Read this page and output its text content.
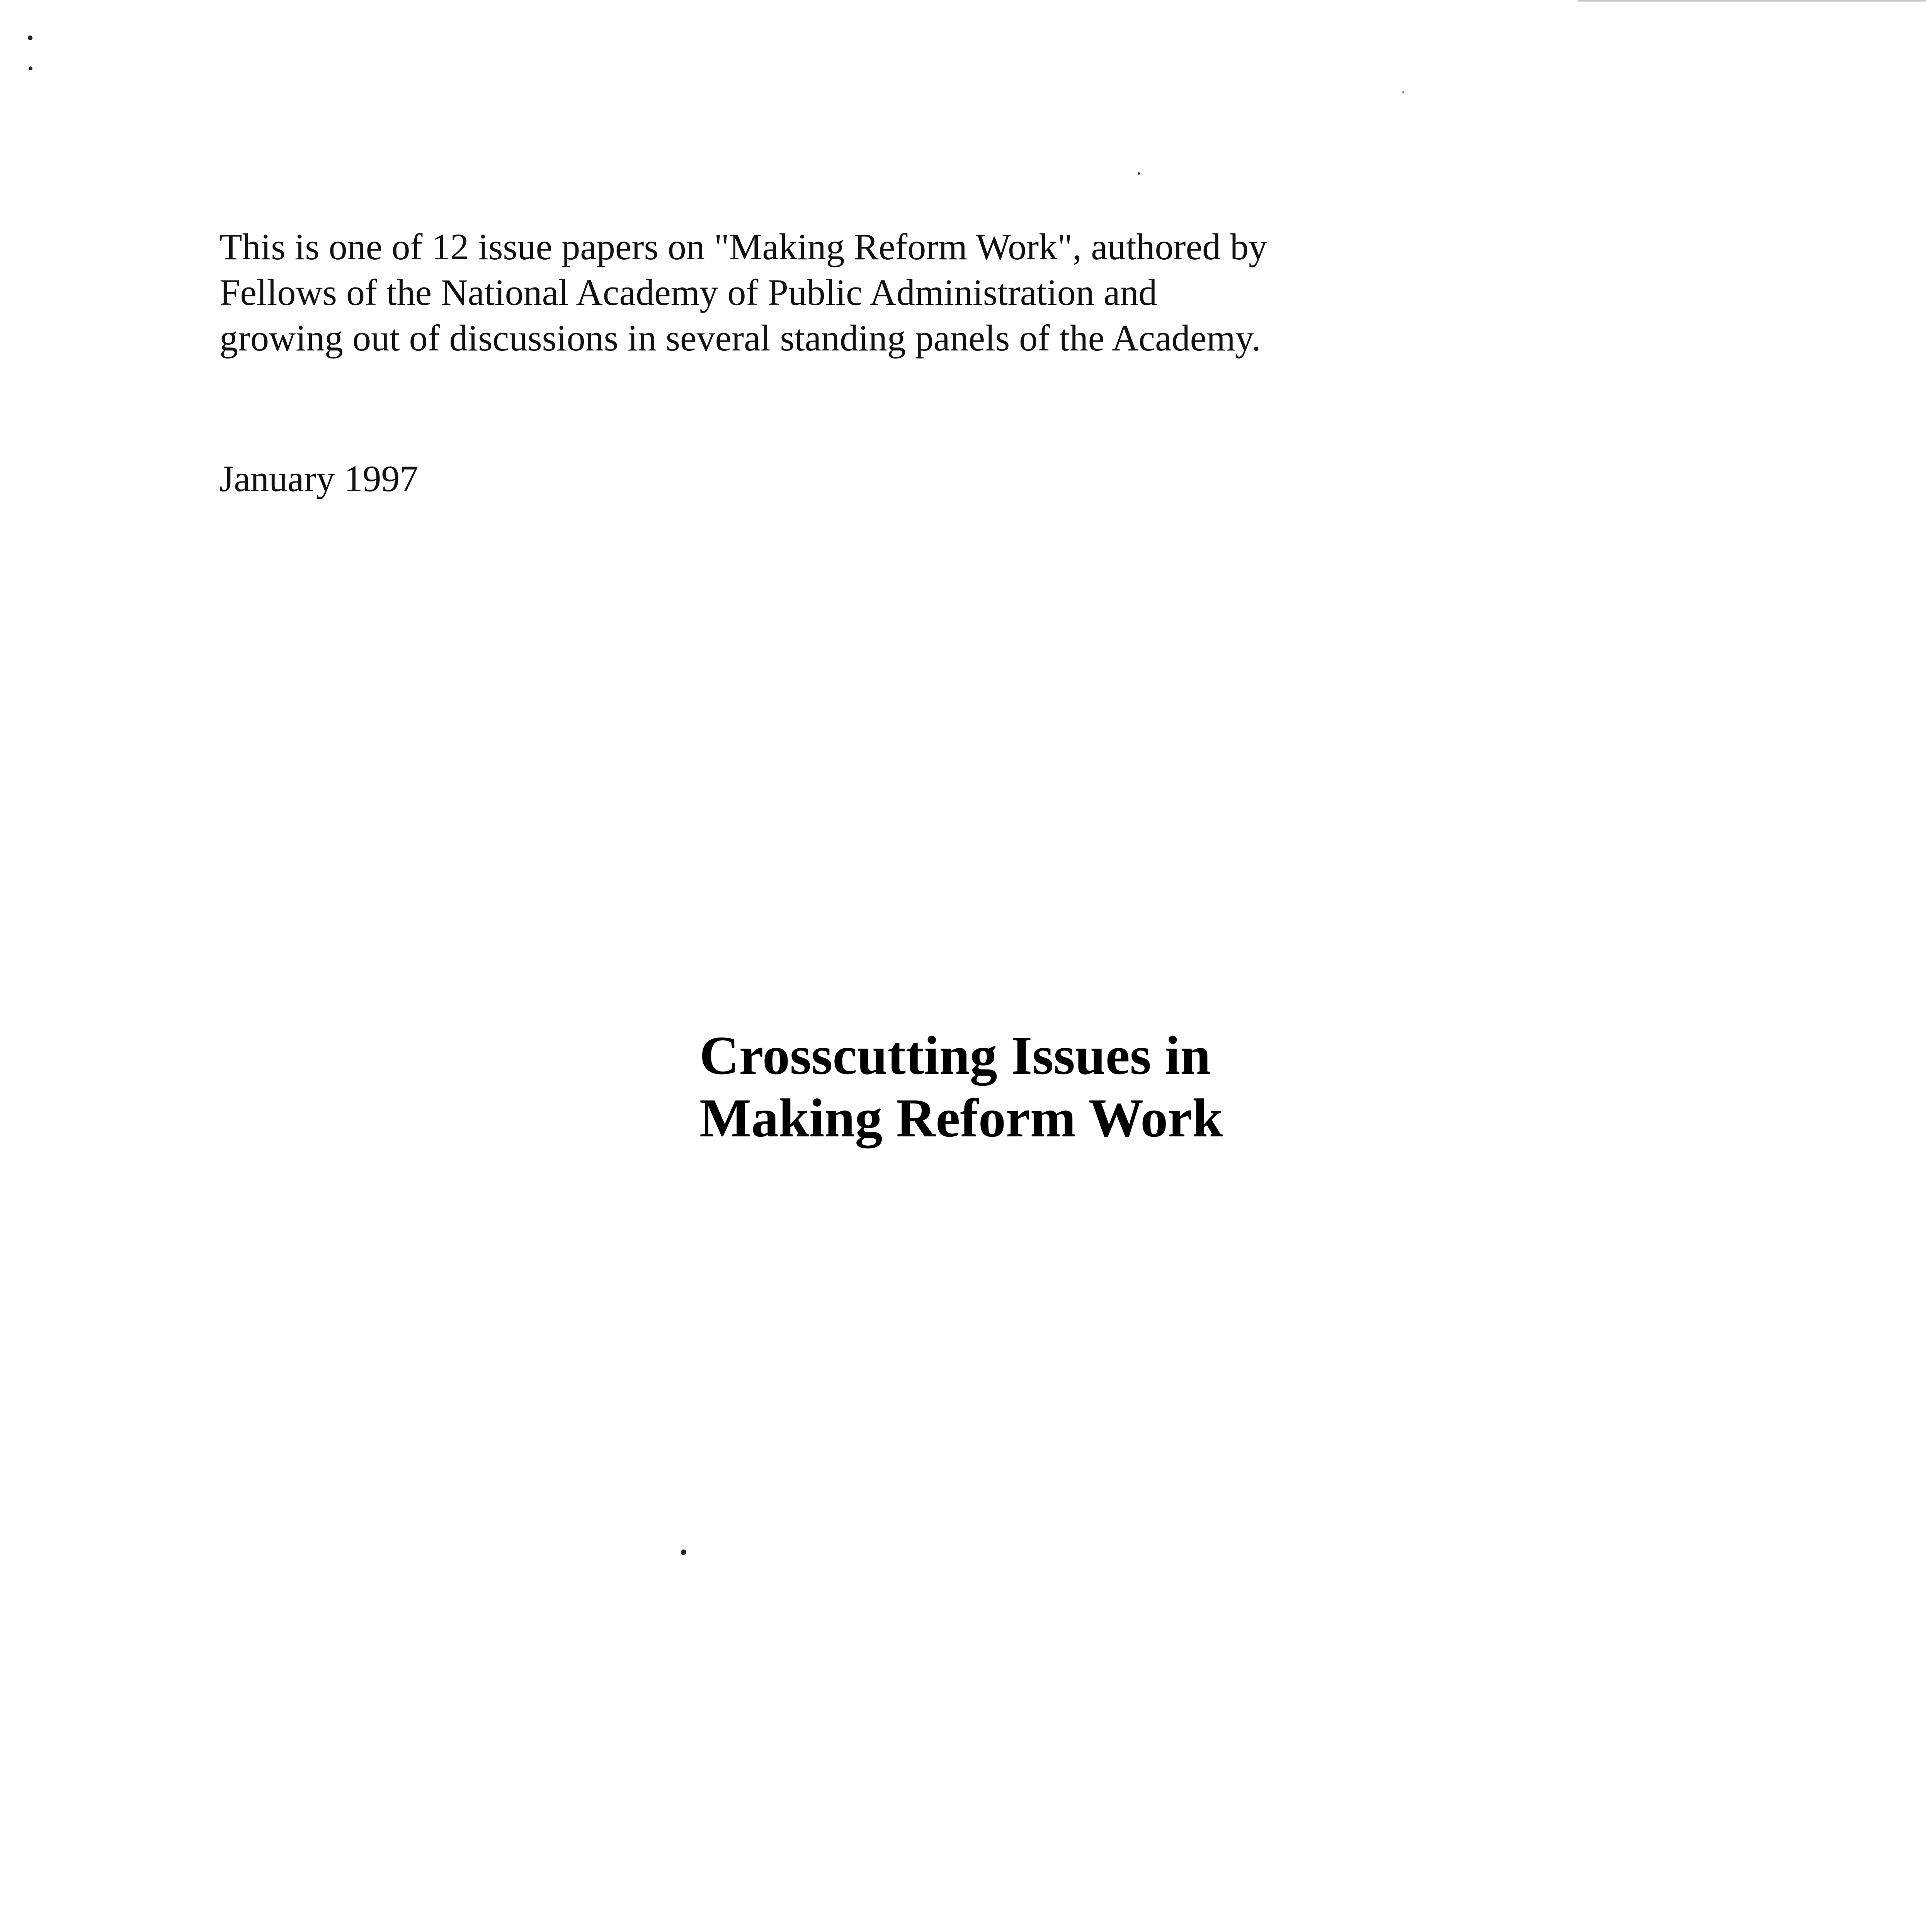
This is one of 12 issue papers on "Making Reform Work", authored by
Fellows of the National Academy of Public Administration and
growing out of discussions in several standing panels of the Academy.

January 1997

Crosscutting Issues in
Making Reform Work
